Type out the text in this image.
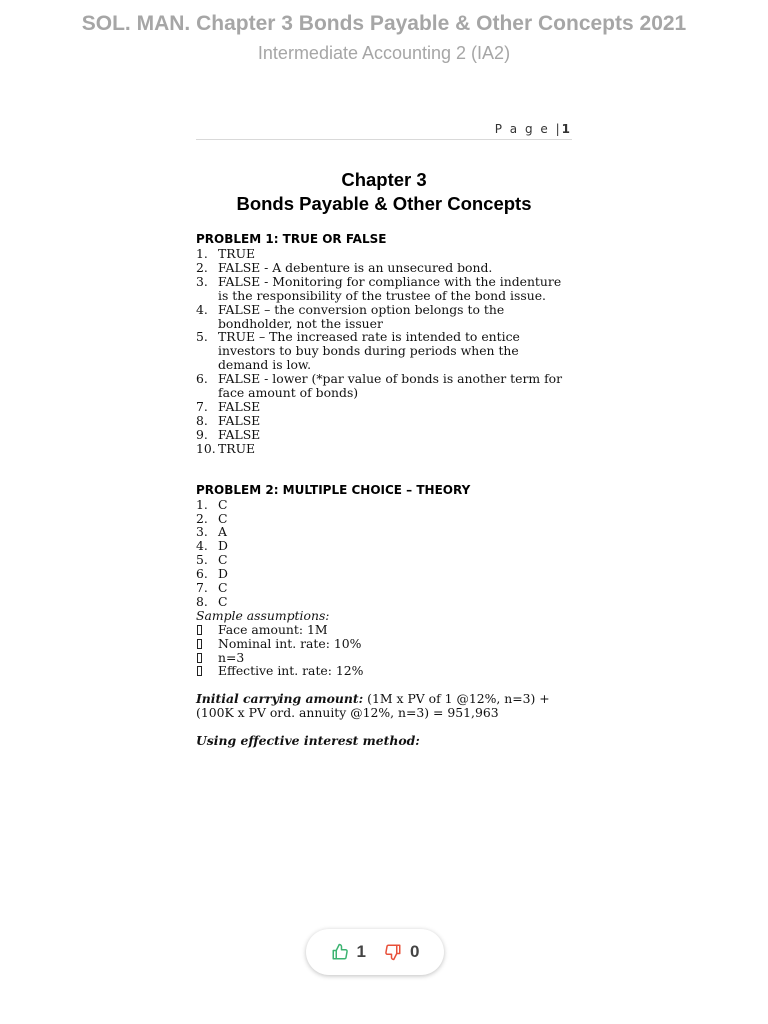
SOL. MAN. Chapter 3 Bonds Payable & Other Concepts 2021
Intermediate Accounting 2 (IA2)
P a g e |1
Chapter 3
Bonds Payable & Other Concepts
PROBLEM 1: TRUE OR FALSE
1. TRUE
2. FALSE - A debenture is an unsecured bond.
3. FALSE - Monitoring for compliance with the indenture is the responsibility of the trustee of the bond issue.
4. FALSE – the conversion option belongs to the bondholder, not the issuer
5. TRUE – The increased rate is intended to entice investors to buy bonds during periods when the demand is low.
6. FALSE - lower (*par value of bonds is another term for face amount of bonds)
7. FALSE
8. FALSE
9. FALSE
10. TRUE
PROBLEM 2: MULTIPLE CHOICE – THEORY
1. C
2. C
3. A
4. D
5. C
6. D
7. C
8. C
Sample assumptions:
Face amount: 1M
Nominal int. rate: 10%
n=3
Effective int. rate: 12%
Initial carrying amount: (1M x PV of 1 @12%, n=3) + (100K x PV ord. annuity @12%, n=3) = 951,963
Using effective interest method:
1	0
